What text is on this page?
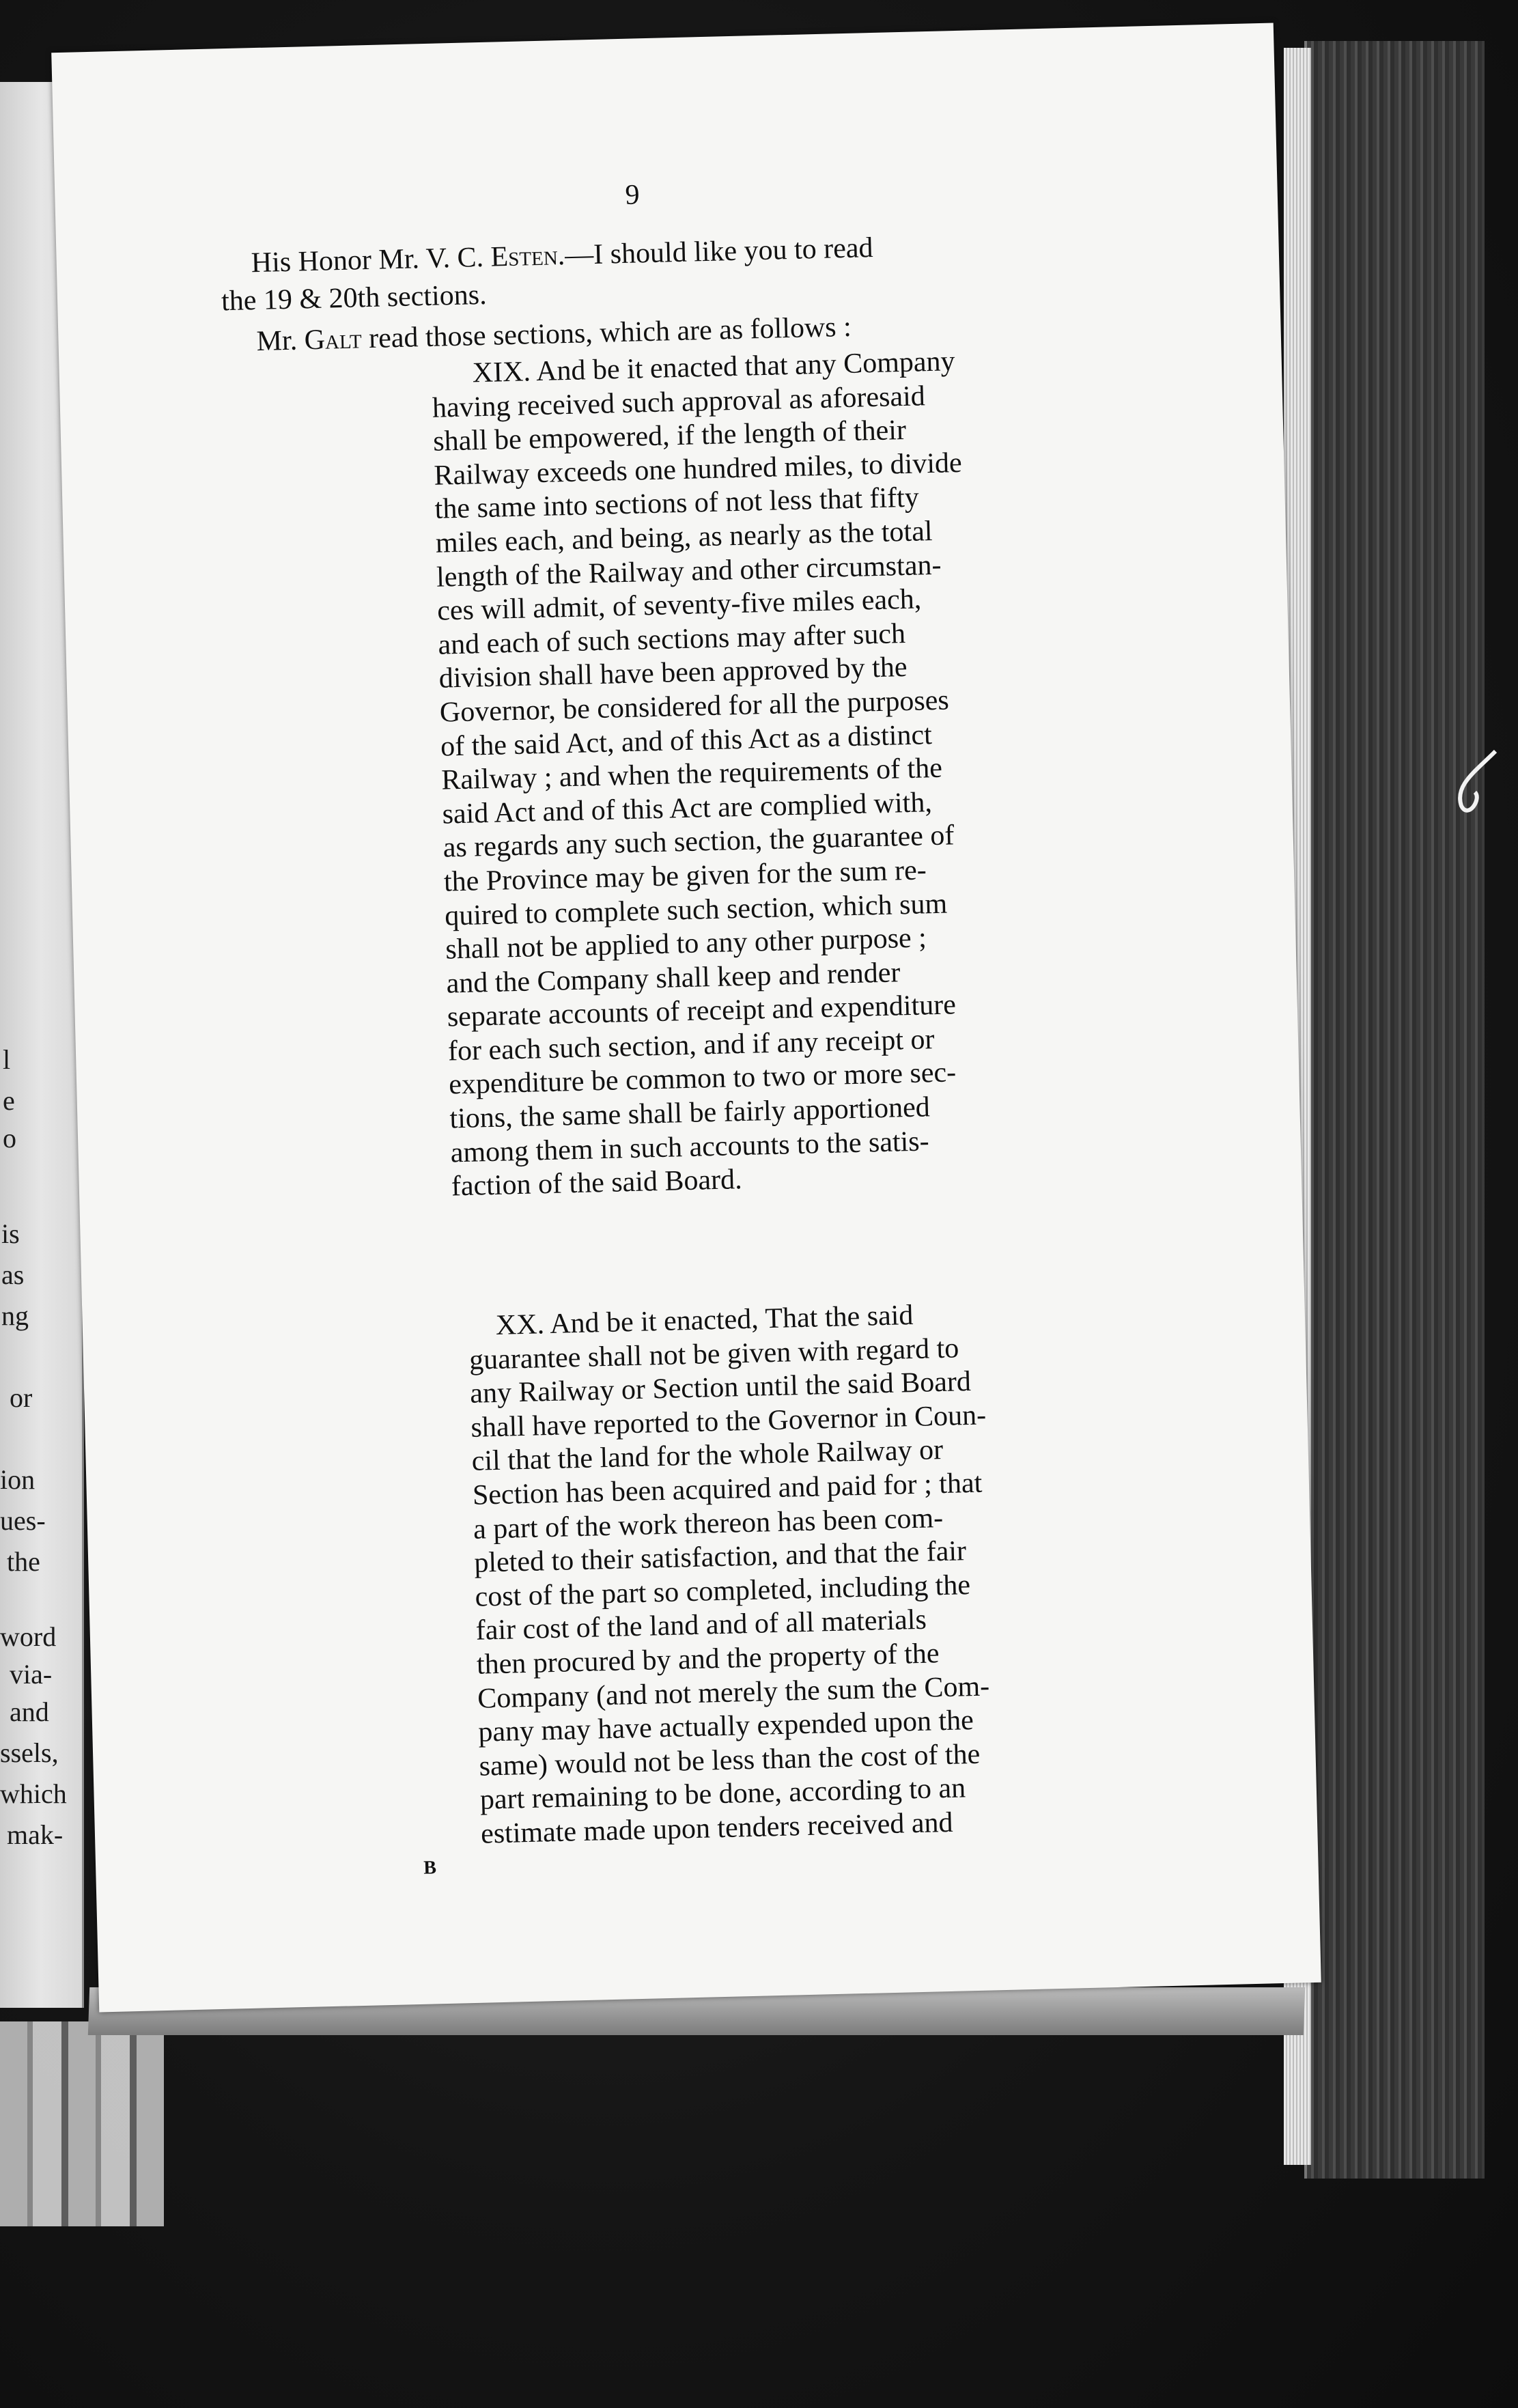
l
e
o
is
as
ng
or
ion
ues-
the
word
via-
and
ssels,
which
mak-
9
His Honor Mr. V. C. Esten.—I should like you to read
the 19 & 20th sections.
Mr. Galt read those sections, which are as follows :

XIX. And be it enacted that any Company

having received such approval as aforesaid

shall be empowered, if the length of their

Railway exceeds one hundred miles, to divide

the same into sections of not less that fifty

miles each, and being, as nearly as the total

length of the Railway and other circumstan-

ces will admit, of seventy-five miles each,

and each of such sections may after such

division shall have been approved by the

Governor, be considered for all the purposes

of the said Act, and of this Act as a distinct

Railway ; and when the requirements of the

said Act and of this Act are complied with,

as regards any such section, the guarantee of

the Province may be given for the sum re-

quired to complete such section, which sum

shall not be applied to any other purpose ;

and the Company shall keep and render

separate accounts of receipt and expenditure

for each such section, and if any receipt or

expenditure be common to two or more sec-

tions, the same shall be fairly apportioned

among them in such accounts to the satis-

faction of the said Board.

XX. And be it enacted, That the said

guarantee shall not be given with regard to

any Railway or Section until the said Board

shall have reported to the Governor in Coun-

cil that the land for the whole Railway or

Section has been acquired and paid for ; that

a part of the work thereon has been com-

pleted to their satisfaction, and that the fair

cost of the part so completed, including the

fair cost of the land and of all materials

then procured by and the property of the

Company (and not merely the sum the Com-

pany may have actually expended upon the

same) would not be less than the cost of the

part remaining to be done, according to an

estimate made upon tenders received and

B
